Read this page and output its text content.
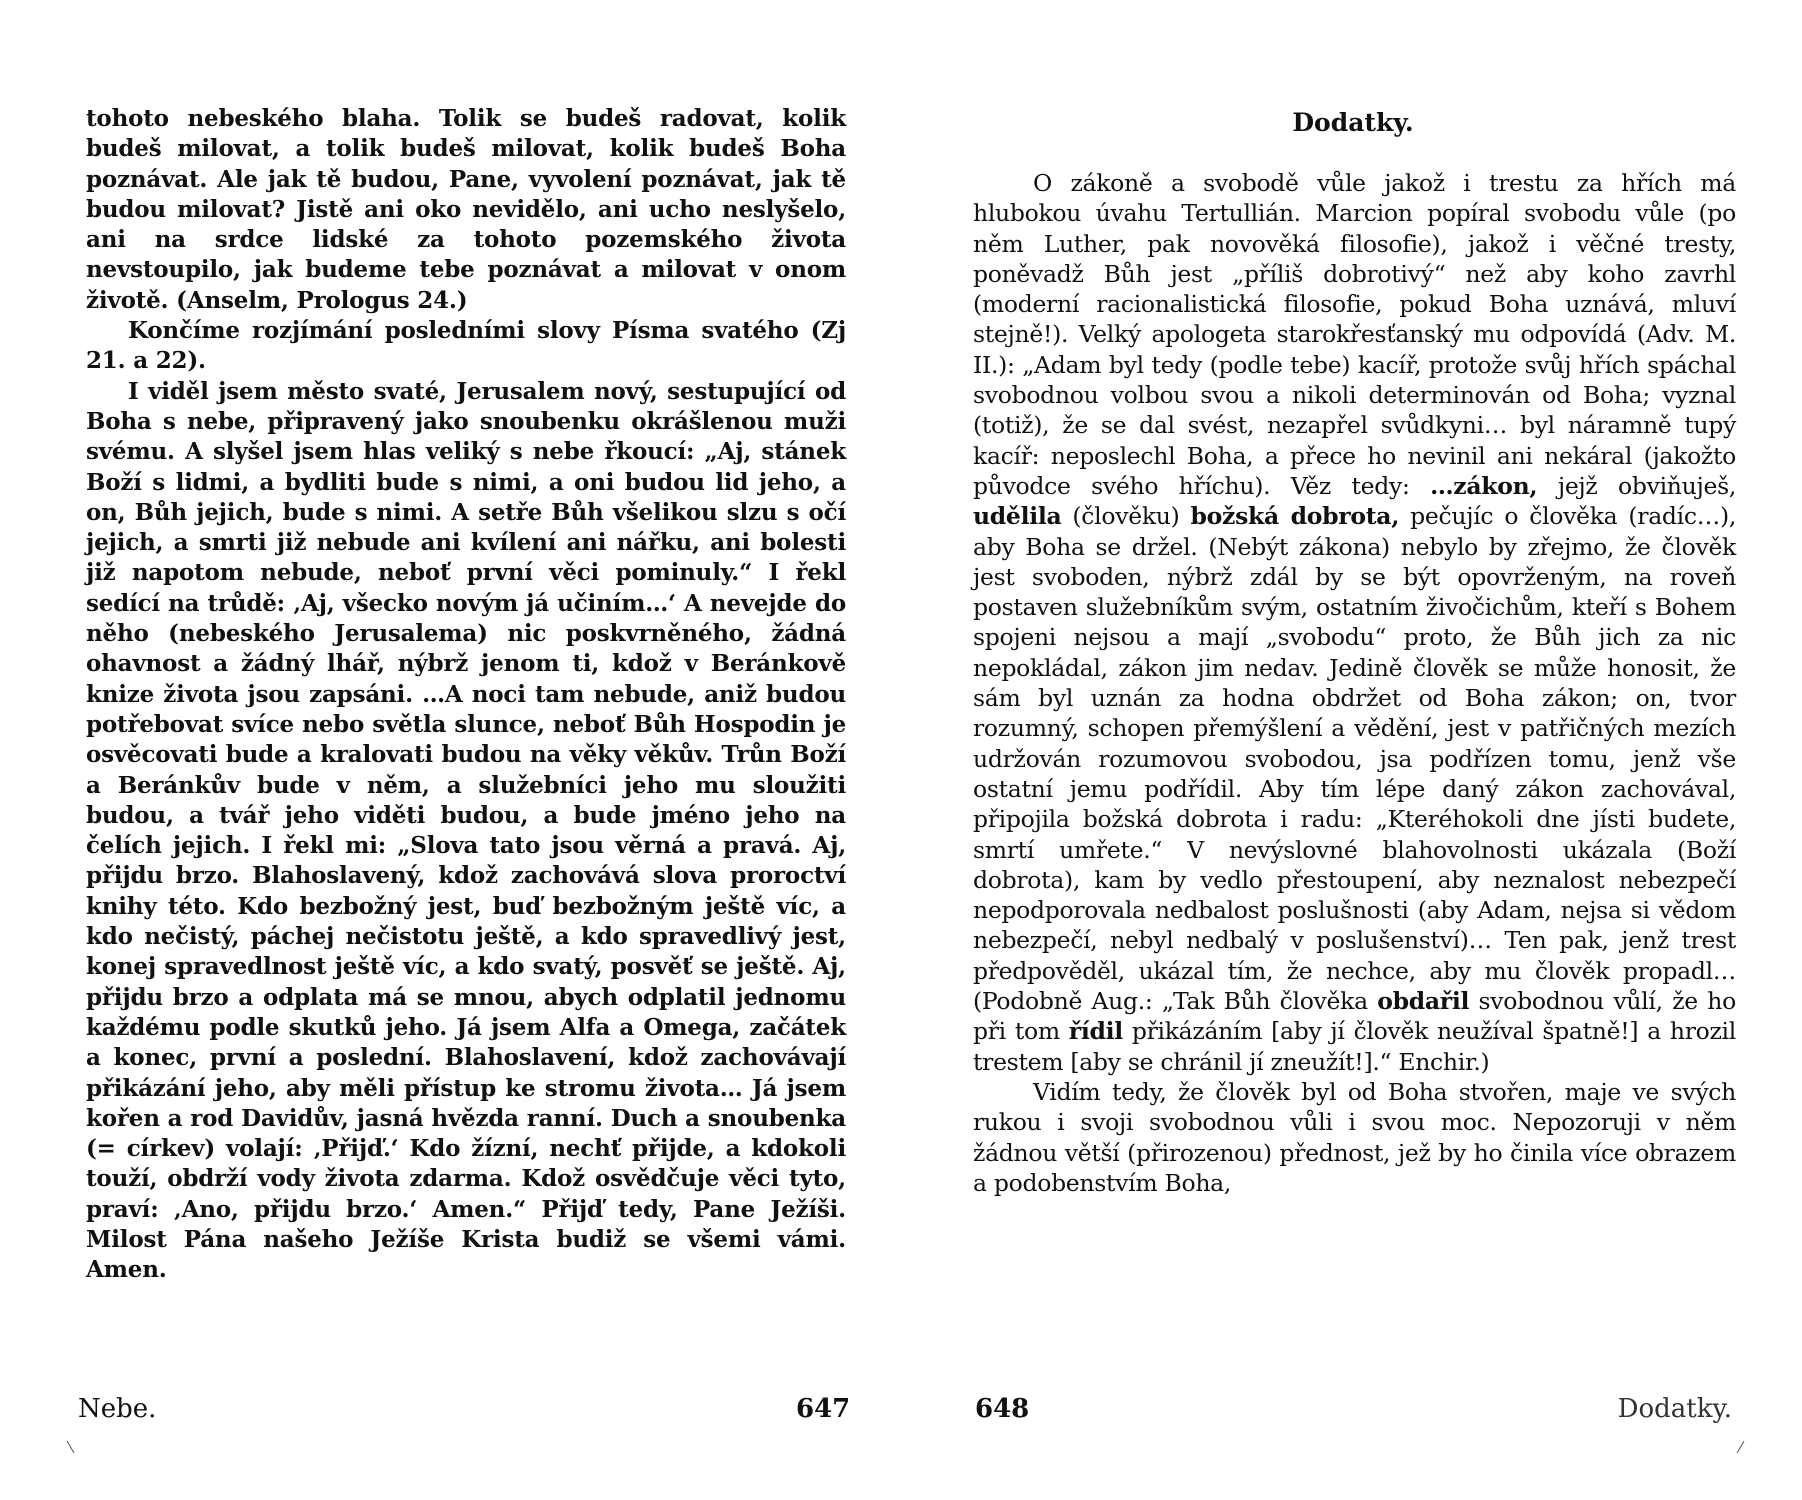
tohoto nebeského blaha. Tolik se budeš radovat, kolik budeš milovat, a tolik budeš milovat, kolik budeš Boha poznávat. Ale jak tě budou, Pane, vyvolení poznávat, jak tě budou milovat? Jistě ani oko nevidělo, ani ucho neslyšelo, ani na srdce lidské za tohoto pozemského života nevstoupilo, jak budeme tebe poznávat a milovat v onom životě. (Anselm, Prologus 24.)

Končíme rozjímání posledními slovy Písma svatého (Zj 21. a 22).

I viděl jsem město svaté, Jerusalem nový, sestupující od Boha s nebe, připravený jako snoubenku okrášlenou muži svému. A slyšel jsem hlas veliký s nebe řkoucí: „Aj, stánek Boží s lidmi, a bydliti bude s nimi, a oni budou lid jeho, a on, Bůh jejich, bude s nimi. A setře Bůh všelikou slzu s očí jejich, a smrti již nebude ani kvílení ani nářku, ani bolesti již napotom nebude, neboť první věci pominuly.“ I řekl sedící na trůdě: ‚Aj, všecko novým já učiním…‘ A nevejde do něho (nebeského Jerusalema) nic poskvrněného, žádná ohavnost a žádný lhář, nýbrž jenom ti, kdož v Beránkově knize života jsou zapsáni. …A noci tam nebude, aniž budou potřebovat svíce nebo světla slunce, neboť Bůh Hospodin je osvěcovati bude a kralovati budou na věky věkův. Trůn Boží a Beránkův bude v něm, a služebníci jeho mu sloužiti budou, a tvář jeho viděti budou, a bude jméno jeho na čelích jejich. I řekl mi: „Slova tato jsou věrná a pravá. Aj, přijdu brzo. Blahoslavený, kdož zachovává slova proroctví knihy této. Kdo bezbožný jest, buď bezbožným ještě víc, a kdo nečistý, páchej nečistotu ještě, a kdo spravedlivý jest, konej spravedlnost ještě víc, a kdo svatý, posvěť se ještě. Aj, přijdu brzo a odplata má se mnou, abych odplatil jednomu každému podle skutků jeho. Já jsem Alfa a Omega, začátek a konec, první a poslední. Blahoslavení, kdož zachovávají přikázání jeho, aby měli přístup ke stromu života… Já jsem kořen a rod Davidův, jasná hvězda ranní. Duch a snoubenka (= církev) volají: ‚Přijď.‘ Kdo žízní, nechť přijde, a kdokoli touží, obdrží vody života zdarma. Kdož osvědčuje věci tyto, praví: ‚Ano, přijdu brzo.‘ Amen.“ Přijď tedy, Pane Ježíši. Milost Pána našeho Ježíše Krista budiž se všemi vámi. Amen.

Nebe.	647
Dodatky.

O zákoně a svobodě vůle jakož i trestu za hřích má hlubokou úvahu Tertullián. Marcion popíral svobodu vůle (po něm Luther, pak novověká filosofie), jakož i věčné tresty, poněvadž Bůh jest „příliš dobrotivý“ než aby koho zavrhl (moderní racionalistická filosofie, pokud Boha uznává, mluví stejně!). Velký apologeta starokřesťanský mu odpovídá (Adv. M. II.): „Adam byl tedy (podle tebe) kacíř, protože svůj hřích spáchal svobodnou volbou svou a nikoli determinován od Boha; vyznal (totiž), že se dal svést, nezapřel svůdkyni… byl náramně tupý kacíř: neposlechl Boha, a přece ho nevinil ani nekáral (jakožto původce svého hříchu). Věz tedy: …zákon, jejž obviňuješ, udělila (člověku) božská dobrota, pečujíc o člověka (radíc…), aby Boha se držel. (Nebýt zákona) nebylo by zřejmo, že člověk jest svoboden, nýbrž zdál by se být opovrženým, na roveň postaven služebníkům svým, ostatním živočichům, kteří s Bohem spojeni nejsou a mají „svobodu“ proto, že Bůh jich za nic nepokládal, zákon jim nedav. Jedině člověk se může honosit, že sám byl uznán za hodna obdržet od Boha zákon; on, tvor rozumný, schopen přemýšlení a vědění, jest v patřičných mezích udržován rozumovou svobodou, jsa podřízen tomu, jenž vše ostatní jemu podřídil. Aby tím lépe daný zákon zachovával, připojila božská dobrota i radu: „Kteréhokoli dne jísti budete, smrtí umřete.“ V nevýslovné blahovolnosti ukázala (Boží dobrota), kam by vedlo přestoupení, aby neznalost nebezpečí nepodporovala nedbalost poslušnosti (aby Adam, nejsa si vědom nebezpečí, nebyl nedbalý v poslušenství)… Ten pak, jenž trest předpověděl, ukázal tím, že nechce, aby mu člověk propadl… (Podobně Aug.: „Tak Bůh člověka obdařil svobodnou vůlí, že ho při tom řídil přikázáním [aby jí člověk neužíval špatně!] a hrozil trestem [aby se chránil jí zneužít!].“ Enchir.)

Vidím tedy, že člověk byl od Boha stvořen, maje ve svých rukou i svoji svobodnou vůli i svou moc. Nepozoruji v něm žádnou větší (přirozenou) přednost, jež by ho činila více obrazem a podobenstvím Boha,

648	Dodatky.
